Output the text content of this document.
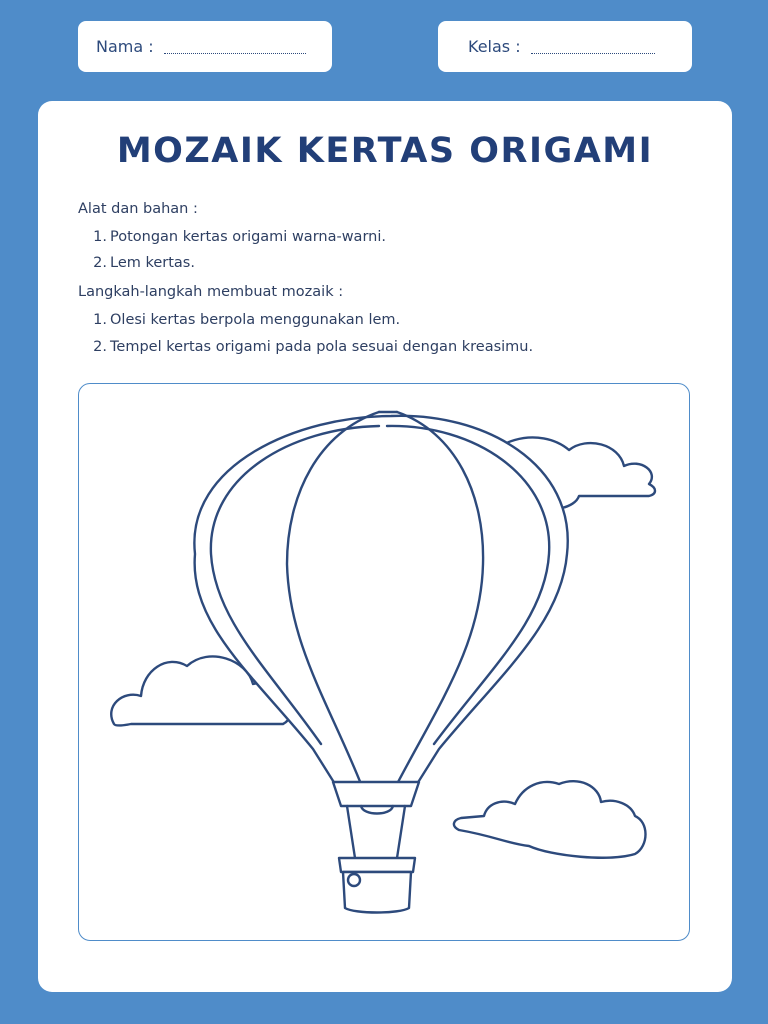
Nama :	Kelas :
MOZAIK KERTAS ORIGAMI
Alat dan bahan :
1. Potongan kertas origami warna-warni.
2. Lem kertas.
Langkah-langkah membuat mozaik :
1. Olesi kertas berpola menggunakan lem.
2. Tempel kertas origami pada pola sesuai dengan kreasimu.
